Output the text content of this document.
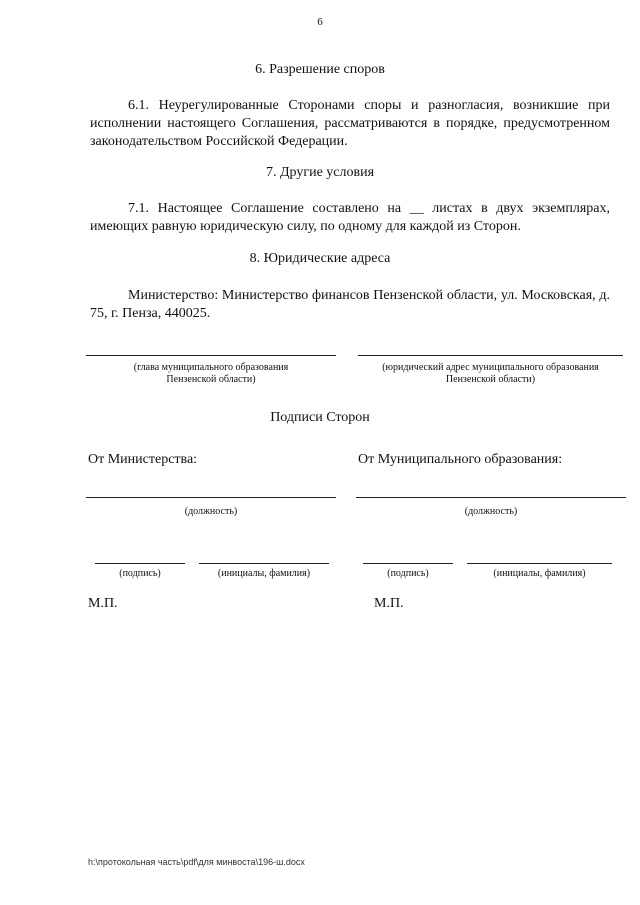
6
6. Разрешение споров
6.1. Неурегулированные Сторонами споры и разногласия, возникшие при исполнении настоящего Соглашения, рассматриваются в порядке, предусмотренном законодательством Российской Федерации.
7. Другие условия
7.1. Настоящее Соглашение составлено на __ листах в двух экземплярах, имеющих равную юридическую силу, по одному для каждой из Сторон.
8. Юридические адреса
Министерство: Министерство финансов Пензенской области, ул. Московская, д. 75, г. Пенза, 440025.
(глава муниципального образования
Пензенской области)
(юридический адрес муниципального образования
Пензенской области)
Подписи Сторон
От Министерства:	От Муниципального образования:
(должность)	(должность)
(подпись)	(инициалы, фамилия)	(подпись)	(инициалы, фамилия)
М.П.	М.П.
h:\протокольная часть\pdf\для минвоста\196-ш.docx
